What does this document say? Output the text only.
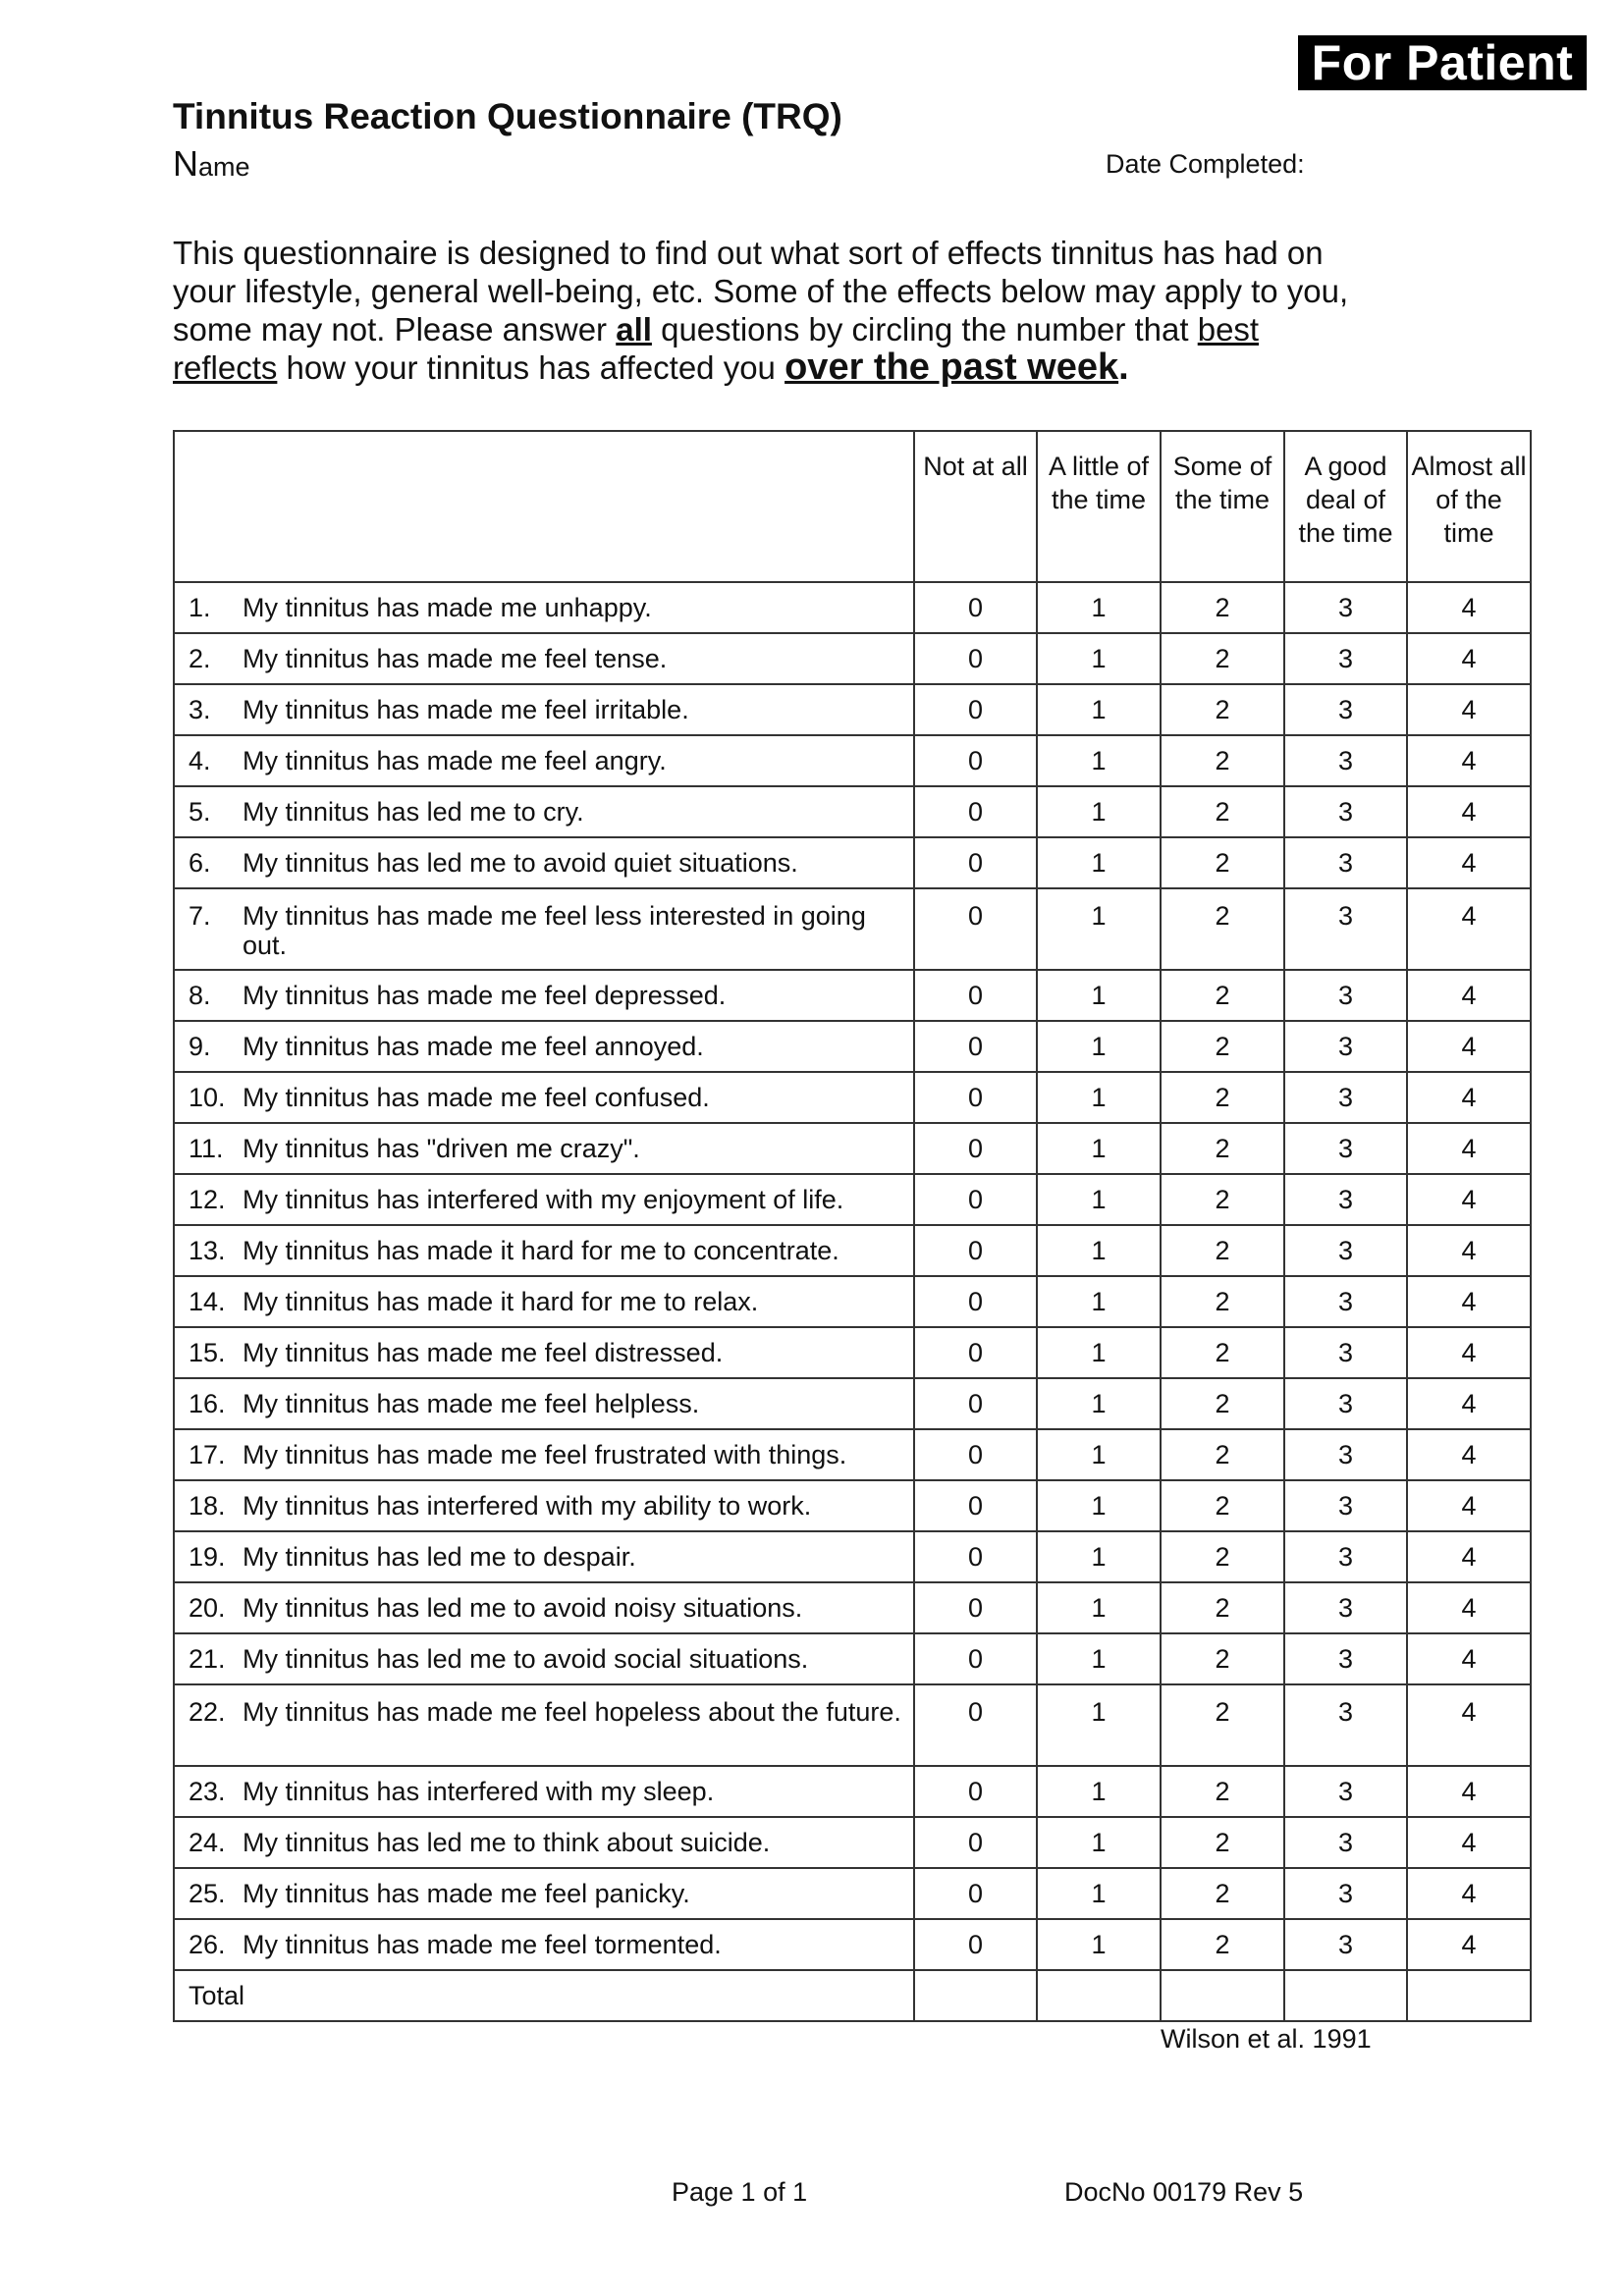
For Patient
Tinnitus Reaction Questionnaire (TRQ)
Name	Date Completed:
This questionnaire is designed to find out what sort of effects tinnitus has had on
your lifestyle, general well-being, etc. Some of the effects below may apply to you,
some may not. Please answer all questions by circling the number that best
reflects how your tinnitus has affected you over the past week.
	Not at all	A little of the time	Some of the time	A good deal of the time	Almost all of the time

1. My tinnitus has made me unhappy.	0	1	2	3	4

2. My tinnitus has made me feel tense.	0	1	2	3	4

3. My tinnitus has made me feel irritable.	0	1	2	3	4

4. My tinnitus has made me feel angry.	0	1	2	3	4

5. My tinnitus has led me to cry.	0	1	2	3	4

6. My tinnitus has led me to avoid quiet situations.	0	1	2	3	4

7. My tinnitus has made me feel less interested in going out.	0	1	2	3	4

8. My tinnitus has made me feel depressed.	0	1	2	3	4

9. My tinnitus has made me feel annoyed.	0	1	2	3	4

10. My tinnitus has made me feel confused.	0	1	2	3	4

11. My tinnitus has "driven me crazy".	0	1	2	3	4

12. My tinnitus has interfered with my enjoyment of life.	0	1	2	3	4

13. My tinnitus has made it hard for me to concentrate.	0	1	2	3	4

14. My tinnitus has made it hard for me to relax.	0	1	2	3	4

15. My tinnitus has made me feel distressed.	0	1	2	3	4

16. My tinnitus has made me feel helpless.	0	1	2	3	4

17. My tinnitus has made me feel frustrated with things.	0	1	2	3	4

18. My tinnitus has interfered with my ability to work.	0	1	2	3	4

19. My tinnitus has led me to despair.	0	1	2	3	4

20. My tinnitus has led me to avoid noisy situations.	0	1	2	3	4

21. My tinnitus has led me to avoid social situations.	0	1	2	3	4

22. My tinnitus has made me feel hopeless about the future.	0	1	2	3	4

23. My tinnitus has interfered with my sleep.	0	1	2	3	4

24. My tinnitus has led me to think about suicide.	0	1	2	3	4

25. My tinnitus has made me feel panicky.	0	1	2	3	4

26. My tinnitus has made me feel tormented.	0	1	2	3	4
Total					
Wilson et al. 1991
Page 1 of 1	DocNo 00179 Rev 5
